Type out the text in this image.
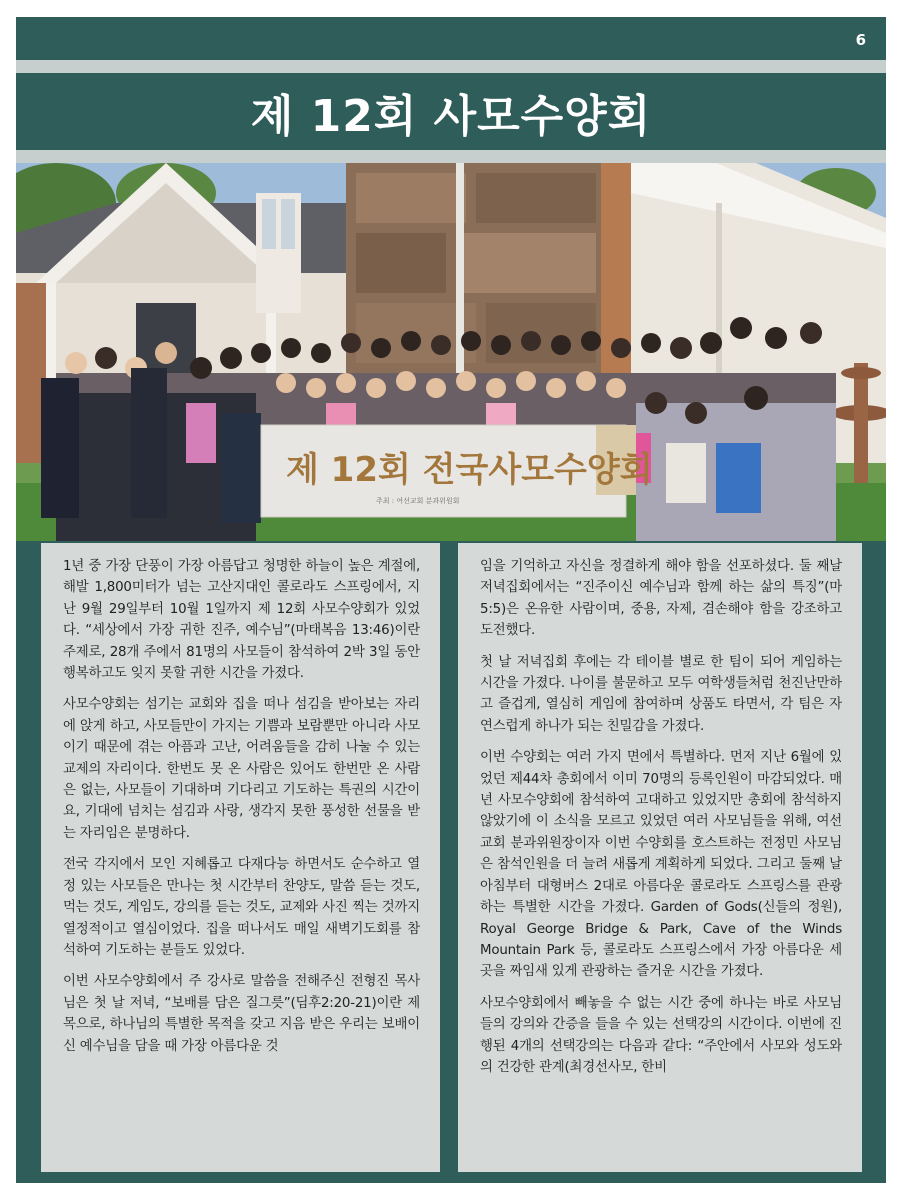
6
제 12회 사모수양회
제 12회 전국사모수양회
주최 : 여선교회 분과위원회

1년 중 가장 단풍이 가장 아름답고 청명한 하늘이 높은 계절에, 해발 1,800미터가 넘는 고산지대인 콜로라도 스프링에서, 지난 9월 29일부터 10월 1일까지 제 12회 사모수양회가 있었다. “세상에서 가장 귀한 진주, 예수님”(마태복음 13:46)이란 주제로, 28개 주에서 81명의 사모들이 참석하여 2박 3일 동안 행복하고도 잊지 못할 귀한 시간을 가졌다.

사모수양회는 섬기는 교회와 집을 떠나 섬김을 받아보는 자리에 앉게 하고, 사모들만이 가지는 기쁨과 보람뿐만 아니라 사모이기 때문에 겪는 아픔과 고난, 어려움들을 감히 나눌 수 있는 교제의 자리이다. 한번도 못 온 사람은 있어도 한번만 온 사람은 없는, 사모들이 기대하며 기다리고 기도하는 특권의 시간이요, 기대에 넘치는 섬김과 사랑, 생각지 못한 풍성한 선물을 받는 자리임은 분명하다.

전국 각지에서 모인 지혜롭고 다재다능 하면서도 순수하고 열정 있는 사모들은 만나는 첫 시간부터 찬양도, 말씀 듣는 것도, 먹는 것도, 게임도, 강의를 듣는 것도, 교제와 사진 찍는 것까지 열정적이고 열심이었다. 집을 떠나서도 매일 새벽기도회를 참석하여 기도하는 분들도 있었다.

이번 사모수양회에서 주 강사로 말씀을 전해주신 전형진 목사님은 첫 날 저녁, “보배를 담은 질그릇”(딤후2:20-21)이란 제목으로, 하나님의 특별한 목적을 갖고 지음 받은 우리는 보배이신 예수님을 담을 때 가장 아름다운 것

임을 기억하고 자신을 정결하게 해야 함을 선포하셨다. 둘 째날 저녁집회에서는 “진주이신 예수님과 함께 하는 삶의 특징”(마5:5)은 온유한 사람이며, 중용, 자제, 겸손해야 함을 강조하고 도전했다.

첫 날 저녁집회 후에는 각 테이블 별로 한 팀이 되어 게임하는 시간을 가졌다. 나이를 불문하고 모두 여학생들처럼 천진난만하고 즐겁게, 열심히 게임에 참여하며 상품도 타면서, 각 팀은 자연스럽게 하나가 되는 친밀감을 가졌다.

이번 수양회는 여러 가지 면에서 특별하다. 먼저 지난 6월에 있었던 제44차 총회에서 이미 70명의 등록인원이 마감되었다. 매년 사모수양회에 참석하여 고대하고 있었지만 총회에 참석하지 않았기에 이 소식을 모르고 있었던 여러 사모님들을 위해, 여선교회 분과위원장이자 이번 수양회를 호스트하는 전정민 사모님은 참석인원을 더 늘려 새롭게 계획하게 되었다. 그리고 둘째 날 아침부터 대형버스 2대로 아름다운 콜로라도 스프링스를 관광하는 특별한 시간을 가졌다. Garden of Gods(신들의 정원), Royal George Bridge & Park, Cave of the Winds Mountain Park 등, 콜로라도 스프링스에서 가장 아름다운 세 곳을 짜임새 있게 관광하는 즐거운 시간을 가졌다.

사모수양회에서 빼놓을 수 없는 시간 중에 하나는 바로 사모님들의 강의와 간증을 들을 수 있는 선택강의 시간이다. 이번에 진행된 4개의 선택강의는 다음과 같다: “주안에서 사모와 성도와의 건강한 관계(최경선사모, 한비
